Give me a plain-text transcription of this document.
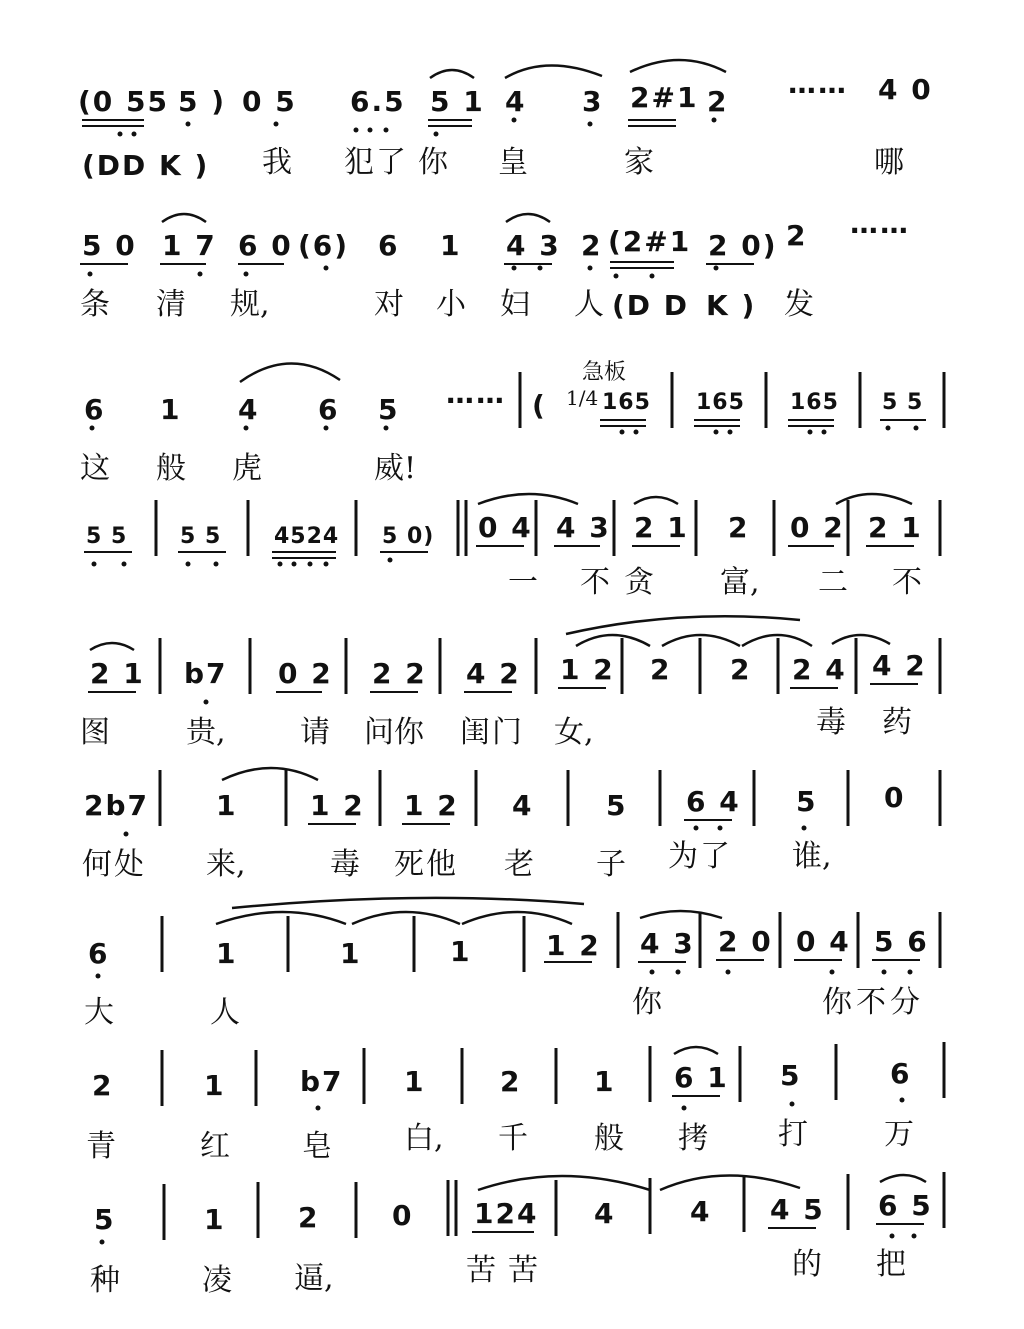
(0 55 5 ) 0 5 6.5 5 1 4 3 2#1 2
…… 4 0
(DD K ) 我 犯 了 你 皇	家	哪
5 0 1 7 6 0 (6) 6 1 4 3 2 (2#1 2 0) 2 ……
条 清 规,	对 小 妇 人 (D D K ) 发
6 1 4 6 5 …… (
急板
165 165 165 5 5
这 般 虎	威!
5 5 5 5 4524 5 0) 0 4 4 3 2 1 2 0 2 2 1
一 不 贪 富, 二 不
2 1 b7 0 2 2 2 4 2 1 2 2 2 2 4 4 2
图	贵, 请 问 你 闺 门 女,	毒 药
2b7 1	1 2 1 2 4	5 6 4 5 0
何 处 来,	毒 死 他 老 子 为 了 谁,
6	1	1	1	1 2 4 3 2 0 0 4 5 6
大	人	你	你 不 分
2	1	b7 1	2	1 6 1 5	6
青	红 皂 白, 千 般 拷 打	万
5	1	2	0 124 4	4 4 5 6 5
种	凌 逼,	苦 苦	的 把
1/4
